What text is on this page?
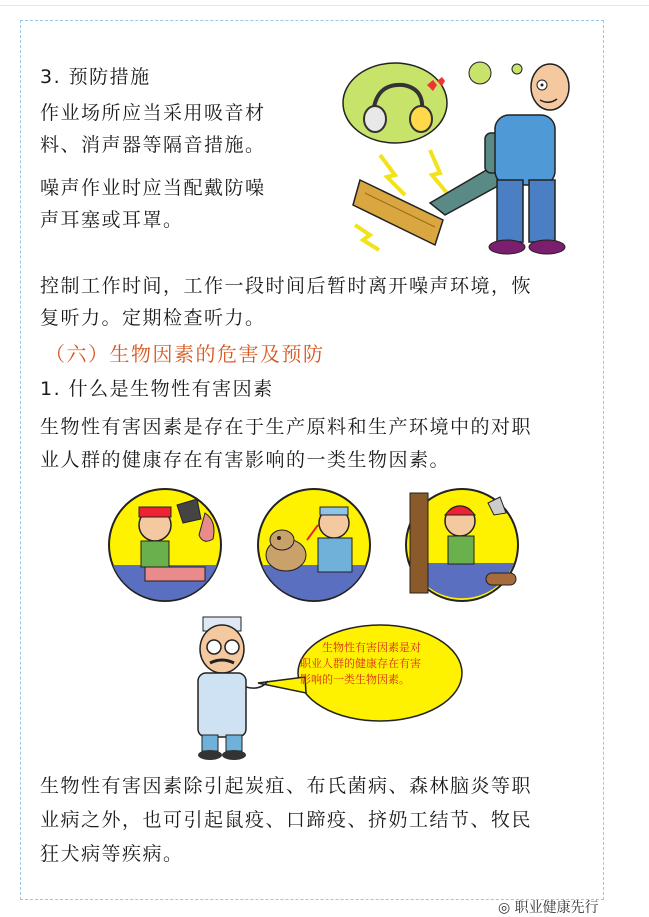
3. 预防措施
作业场所应当采用吸音材
料、消声器等隔音措施。
噪声作业时应当配戴防噪
声耳塞或耳罩。
控制工作时间，工作一段时间后暂时离开噪声环境，恢
复听力。定期检查听力。
（六）生物因素的危害及预防
1. 什么是生物性有害因素
生物性有害因素是存在于生产原料和生产环境中的对职
业人群的健康存在有害影响的一类生物因素。
生物性有害因素是对
职业人群的健康存在有害
影响的一类生物因素。
生物性有害因素除引起炭疽、布氏菌病、森林脑炎等职
业病之外，也可引起鼠疫、口蹄疫、挤奶工结节、牧民
狂犬病等疾病。
◎ 职业健康先行
